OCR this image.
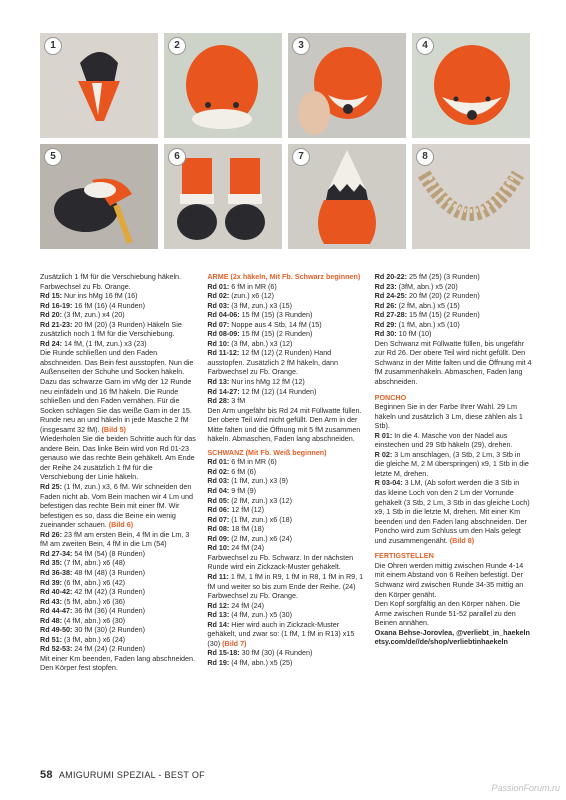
1	2	3	4
5	6	7	8

Zusätzlich 1 fM für die Verschiebung häkeln. Farbwechsel zu Fb. Orange.

Rd 15: Nur ins hMg 16 fM (16)

Rd 16-19: 16 fM (16) (4 Runden)

Rd 20: (3 fM, zun.) x4 (20)

Rd 21-23: 20 fM (20) (3 Runden) Häkeln Sie zusätzlich noch 1 fM für die Verschiebung.

Rd 24: 14 fM, (1 fM, zun.) x3 (23)

Die Runde schließen und den Faden abschneiden. Das Bein fest ausstopfen. Nun die Außenseiten der Schuhe und Socken häkeln. Dazu das schwarze Garn im vMg der 12 Runde neu einfädeln und 16 fM häkeln. Die Runde schließen und den Faden vernähen. Für die Socken schlagen Sie das weiße Garn in der 15. Runde neu an und häkeln in jede Masche 2 fM (insgesamt 32 fM). (Bild 5)

Wiederholen Sie die beiden Schritte auch für das andere Bein. Das linke Bein wird von Rd 01-23 genauso wie das rechte Bein gehäkelt. Am Ende der Reihe 24 zusätzlich 1 fM für die Verschiebung der Linie häkeln.

Rd 25: (1 fM, zun.) x3, 6 fM. Wir schneiden den Faden nicht ab. Vom Bein machen wir 4 Lm und befestigen das rechte Bein mit einer fM. Wir befestigen es so, dass die Beine ein wenig zueinander schauen. (Bild 6)

Rd 26: 23 fM am ersten Bein, 4 fM in die Lm, 3 fM am zweiten Bein, 4 fM in die Lm (54)

Rd 27-34: 54 fM (54) (8 Runden)

Rd 35: (7 fM, abn.) x6 (48)

Rd 36-38: 48 fM (48) (3 Runden)

Rd 39: (6 fM, abn.) x6 (42)

Rd 40-42: 42 fM (42) (3 Runden)

Rd 43: (5 fM, abn.) x6 (36)

Rd 44-47: 36 fM (36) (4 Runden)

Rd 48: (4 fM, abn.) x6 (30)

Rd 49-50: 30 fM (30) (2 Runden)

Rd 51: (3 fM, abn.) x6 (24)

Rd 52-53: 24 fM (24) (2 Runden)

Mit einer Km beenden, Faden lang abschneiden. Den Körper fest stopfen.

ARME (2x häkeln, Mit Fb. Schwarz beginnen)

Rd 01: 6 fM in MR (6)

Rd 02: (zun.) x6 (12)

Rd 03: (3 fM, zun.) x3 (15)

Rd 04-06: 15 fM (15) (3 Runden)

Rd 07: Noppe aus 4 Stb, 14 fM (15)

Rd 08-09: 15 fM (15) (2 Runden)

Rd 10: (3 fM, abn.) x3 (12)

Rd 11-12: 12 fM (12) (2 Runden) Hand ausstopfen. Zusätzlich 2 fM häkeln, dann Farbwechsel zu Fb. Orange.

Rd 13: Nur ins hMg 12 fM (12)

Rd 14-27: 12 fM (12) (14 Runden)

Rd 28: 3 fM

Den Arm ungefähr bis Rd 24 mit Füllwatte füllen. Der obere Teil wird nicht gefüllt. Den Arm in der Mitte falten und die Öffnung mit 5 fM zusammen häkeln. Abmaschen, Faden lang abschneiden.

SCHWANZ (Mit Fb. Weiß beginnen)

Rd 01: 6 fM in MR (6)

Rd 02: 6 fM (6)

Rd 03: (1 fM, zun.) x3 (9)

Rd 04: 9 fM (9)

Rd 05: (2 fM, zun.) x3 (12)

Rd 06: 12 fM (12)

Rd 07: (1 fM, zun.) x6 (18)

Rd 08: 18 fM (18)

Rd 09: (2 fM, zun.) x6 (24)

Rd 10: 24 fM (24)

Farbwechsel zu Fb. Schwarz. In der nächsten Runde wird ein Zickzack-Muster gehäkelt.

Rd 11: 1 fM, 1 fM in R9, 1 fM in R8, 1 fM in R9, 1 fM und weiter so bis zum Ende der Reihe. (24) Farbwechsel zu Fb. Orange.

Rd 12: 24 fM (24)

Rd 13: (4 fM, zun.) x5 (30)

Rd 14: Hier wird auch in Zickzack-Muster gehäkelt, und zwar so: (1 fM, 1 fM in R13) x15 (30) (Bild 7)

Rd 15-18: 30 fM (30) (4 Runden)

Rd 19: (4 fM, abn.) x5 (25)

Rd 20-22: 25 fM (25) (3 Runden)

Rd 23: (3fM, abn.) x5 (20)

Rd 24-25: 20 fM (20) (2 Runden)

Rd 26: (2 fM, abn.) x5 (15)

Rd 27-28: 15 fM (15) (2 Runden)

Rd 29: (1 fM, abn.) x5 (10)

Rd 30: 10 fM (10)

Den Schwanz mit Füllwatte füllen, bis ungefähr zur Rd 26. Der obere Teil wird nicht gefüllt. Den Schwanz in der Mitte falten und die Öffnung mit 4 fM zusammenhäkeln. Abmaschen, Faden lang abschneiden.

PONCHO

Beginnen Sie in der Farbe Ihrer Wahl. 29 Lm häkeln und zusätzlich 3 Lm, diese zählen als 1 Stb).

R 01: In die 4. Masche von der Nadel aus einstechen und 29 Stb häkeln (29), drehen.

R 02: 3 Lm anschlagen, (3 Stb, 2 Lm, 3 Stb in die gleiche M, 2 M überspringen) x9, 1 Stb in die letzte M, drehen.

R 03-04: 3 LM, (Ab sofort werden die 3 Stb in das kleine Loch von den 2 Lm der Vorrunde gehäkelt (3 Stb, 2 Lm, 3 Stb in das gleiche Loch) x9, 1 Stb in die letzte M, drehen. Mit einer Km beenden und den Faden lang abschneiden. Der Poncho wird zum Schluss um den Hals gelegt und zusammengenäht. (Bild 8)

FERTIGSTELLEN

Die Ohren werden mittig zwischen Runde 4-14 mit einem Abstand von 6 Reihen befestigt. Der Schwanz wird zwischen Runde 34-35 mittig an den Körper genäht.

Den Kopf sorgfältig an den Körper nähen. Die Arme zwischen Runde 51-52 parallel zu den Beinen annähen.

Oxana Behse-Jorovlea, @verliebt_in_haekeln

etsy.com/de//de/shop/verliebtinhaekeln

58 AMIGURUMI SPEZIAL - BEST OF
PassionForum.ru
